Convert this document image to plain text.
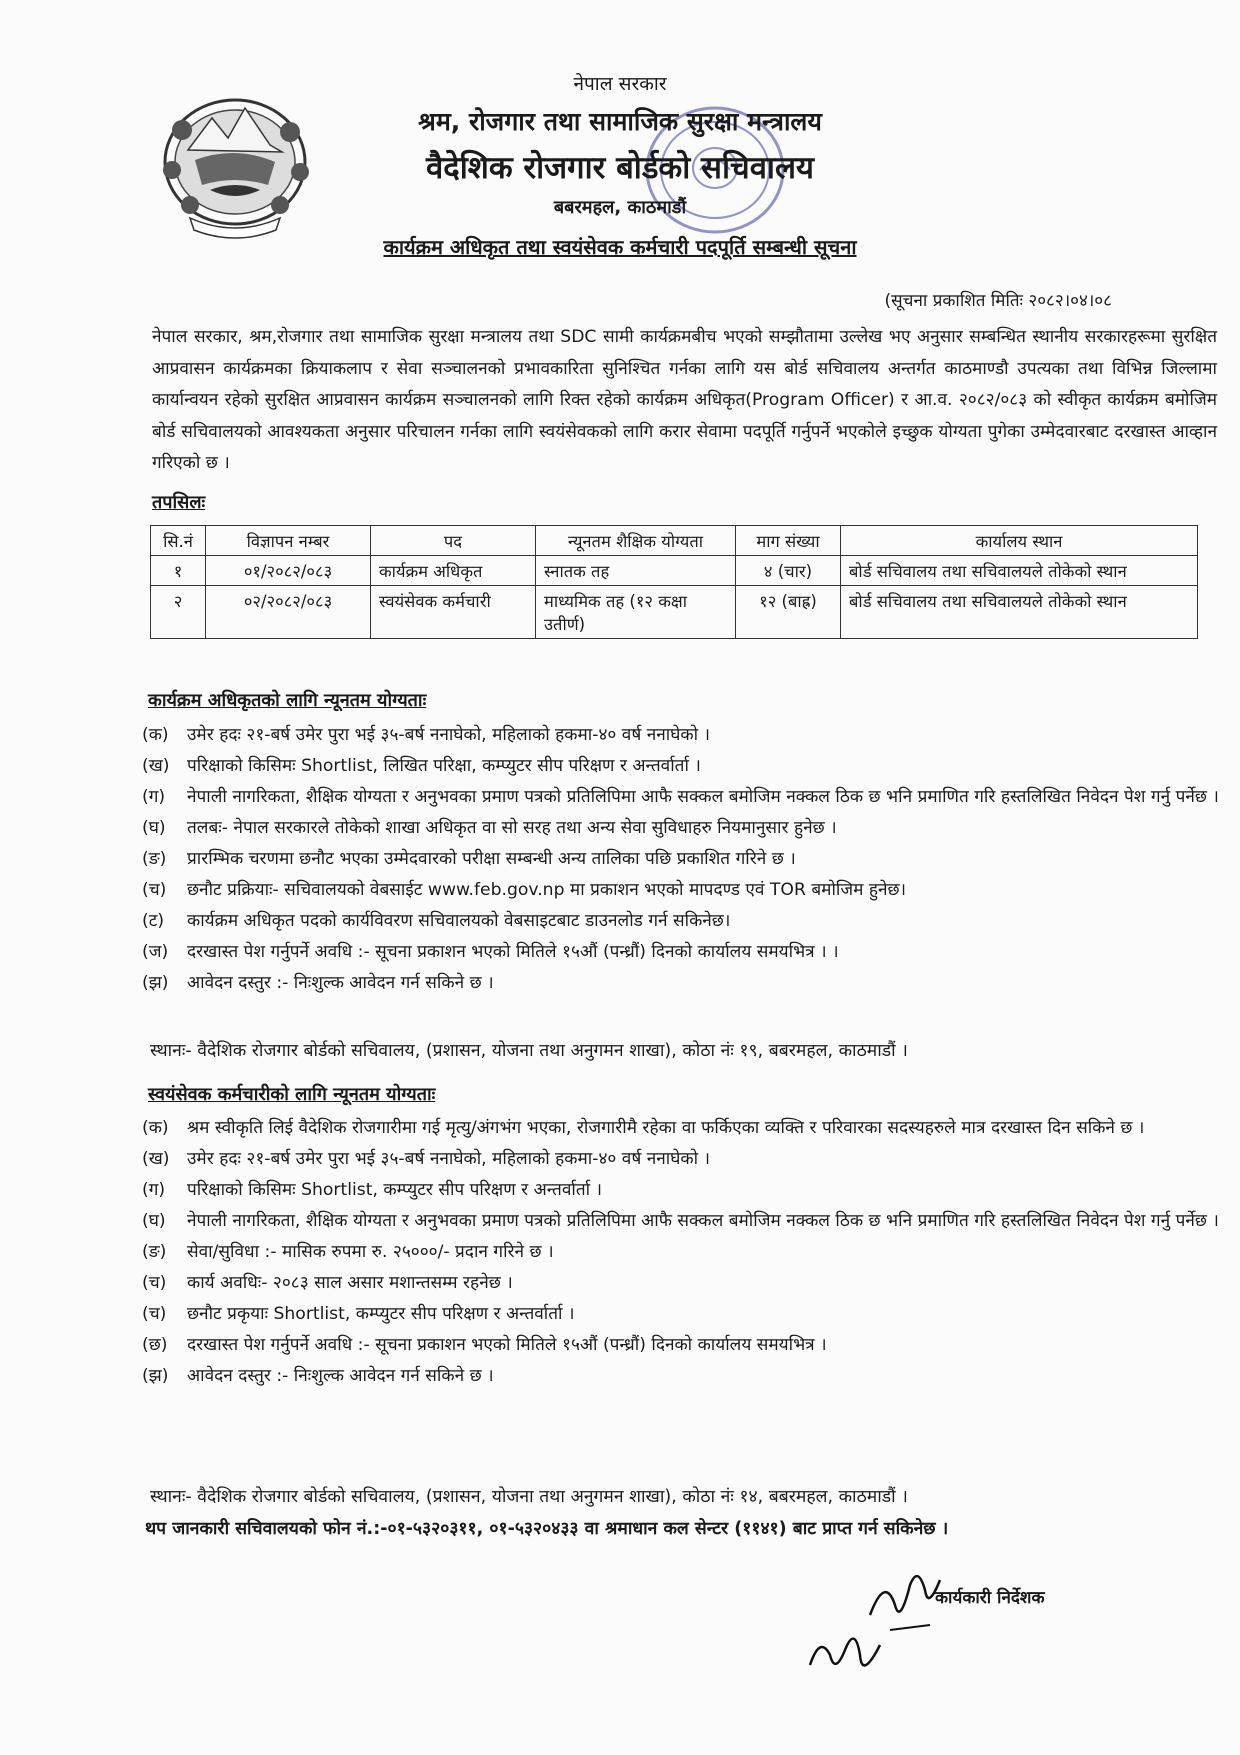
नेपाल सरकार
श्रम, रोजगार तथा सामाजिक सुरक्षा मन्त्रालय
वैदेशिक रोजगार बोर्डको सचिवालय
बबरमहल, काठमाडौं
कार्यक्रम अधिकृत तथा स्वयंसेवक कर्मचारी पदपूर्ति सम्बन्धी सूचना
(सूचना प्रकाशित मितिः २०८२।०४।०८
नेपाल सरकार, श्रम,रोजगार तथा सामाजिक सुरक्षा मन्त्रालय तथा SDC सामी कार्यक्रमबीच भएको सम्झौतामा उल्लेख भए अनुसार सम्बन्धित स्थानीय सरकारहरूमा सुरक्षित आप्रवासन कार्यक्रमका क्रियाकलाप र सेवा सञ्चालनको प्रभावकारिता सुनिश्चित गर्नका लागि यस बोर्ड सचिवालय अन्तर्गत काठमाण्डौ उपत्यका तथा विभिन्न जिल्लामा कार्यान्वयन रहेको सुरक्षित आप्रवासन कार्यक्रम सञ्चालनको लागि रिक्त रहेको कार्यक्रम अधिकृत(Program Officer) र आ.व. २०८२/०८३ को स्वीकृत कार्यक्रम बमोजिम बोर्ड सचिवालयको आवश्यकता अनुसार परिचालन गर्नका लागि स्वयंसेवकको लागि करार सेवामा पदपूर्ति गर्नुपर्ने भएकोले इच्छुक योग्यता पुगेका उम्मेदवारबाट दरखास्त आव्हान गरिएको छ ।
तपसिलः
सि.नं	विज्ञापन नम्बर	पद	न्यूनतम शैक्षिक योग्यता	माग संख्या	कार्यालय स्थान
१	०१/२०८२/०८३	कार्यक्रम अधिकृत	स्नातक तह	४ (चार)	बोर्ड सचिवालय तथा सचिवालयले तोकेको स्थान
२	०२/२०८२/०८३	स्वयंसेवक कर्मचारी	माध्यमिक तह (१२ कक्षा उतीर्ण)	१२ (बाह्र)	बोर्ड सचिवालय तथा सचिवालयले तोकेको स्थान
कार्यक्रम अधिकृतको लागि न्यूनतम योग्यताः
(क) उमेर हदः २१-बर्ष उमेर पुरा भई ३५-बर्ष ननाघेको, महिलाको हकमा-४० वर्ष ननाघेको ।
(ख) परिक्षाको किसिमः Shortlist, लिखित परिक्षा, कम्प्युटर सीप परिक्षण र अन्तर्वार्ता ।
(ग) नेपाली नागरिकता, शैक्षिक योग्यता र अनुभवका प्रमाण पत्रको प्रतिलिपिमा आफै सक्कल बमोजिम नक्कल ठिक छ भनि प्रमाणित गरि हस्तलिखित निवेदन पेश गर्नु पर्नेछ ।
(घ) तलबः- नेपाल सरकारले तोकेको शाखा अधिकृत वा सो सरह तथा अन्य सेवा सुविधाहरु नियमानुसार हुनेछ ।
(ङ) प्रारम्भिक चरणमा छनौट भएका उम्मेदवारको परीक्षा सम्बन्धी अन्य तालिका पछि प्रकाशित गरिने छ ।
(च) छनौट प्रक्रियाः- सचिवालयको वेबसाईट www.feb.gov.np मा प्रकाशन भएको मापदण्ड एवं TOR बमोजिम हुनेछ।
(ट) कार्यक्रम अधिकृत पदको कार्यविवरण सचिवालयको वेबसाइटबाट डाउनलोड गर्न सकिनेछ।
(ज) दरखास्त पेश गर्नुपर्ने अवधि :- सूचना प्रकाशन भएको मितिले १५औं (पन्ध्रौं) दिनको कार्यालय समयभित्र । ।
(झ) आवेदन दस्तुर :- निःशुल्क आवेदन गर्न सकिने छ ।
स्थानः- वैदेशिक रोजगार बोर्डको सचिवालय, (प्रशासन, योजना तथा अनुगमन शाखा), कोठा नंः १९, बबरमहल, काठमाडौं ।
स्वयंसेवक कर्मचारीको लागि न्यूनतम योग्यताः
(क) श्रम स्वीकृति लिई वैदेशिक रोजगारीमा गई मृत्यु/अंगभंग भएका, रोजगारीमै रहेका वा फर्किएका व्यक्ति र परिवारका सदस्यहरुले मात्र दरखास्त दिन सकिने छ ।
(ख) उमेर हदः २१-बर्ष उमेर पुरा भई ३५-बर्ष ननाघेको, महिलाको हकमा-४० वर्ष ननाघेको ।
(ग) परिक्षाको किसिमः Shortlist, कम्प्युटर सीप परिक्षण र अन्तर्वार्ता ।
(घ) नेपाली नागरिकता, शैक्षिक योग्यता र अनुभवका प्रमाण पत्रको प्रतिलिपिमा आफै सक्कल बमोजिम नक्कल ठिक छ भनि प्रमाणित गरि हस्तलिखित निवेदन पेश गर्नु पर्नेछ ।
(ङ) सेवा/सुविधा :- मासिक रुपमा रु. २५०००/- प्रदान गरिने छ ।
(च) कार्य अवधिः- २०८३ साल असार मशान्तसम्म रहनेछ ।
(च) छनौट प्रकृयाः Shortlist, कम्प्युटर सीप परिक्षण र अन्तर्वार्ता ।
(छ) दरखास्त पेश गर्नुपर्ने अवधि :- सूचना प्रकाशन भएको मितिले १५औं (पन्ध्रौं) दिनको कार्यालय समयभित्र ।
(झ) आवेदन दस्तुर :- निःशुल्क आवेदन गर्न सकिने छ ।
स्थानः- वैदेशिक रोजगार बोर्डको सचिवालय, (प्रशासन, योजना तथा अनुगमन शाखा), कोठा नंः १४, बबरमहल, काठमाडौं ।
थप जानकारी सचिवालयको फोन नं.:-०१-५३२०३११, ०१-५३२०४३३ वा श्रमाधान कल सेन्टर (११४१) बाट प्राप्त गर्न सकिनेछ ।
कार्यकारी निर्देशक
